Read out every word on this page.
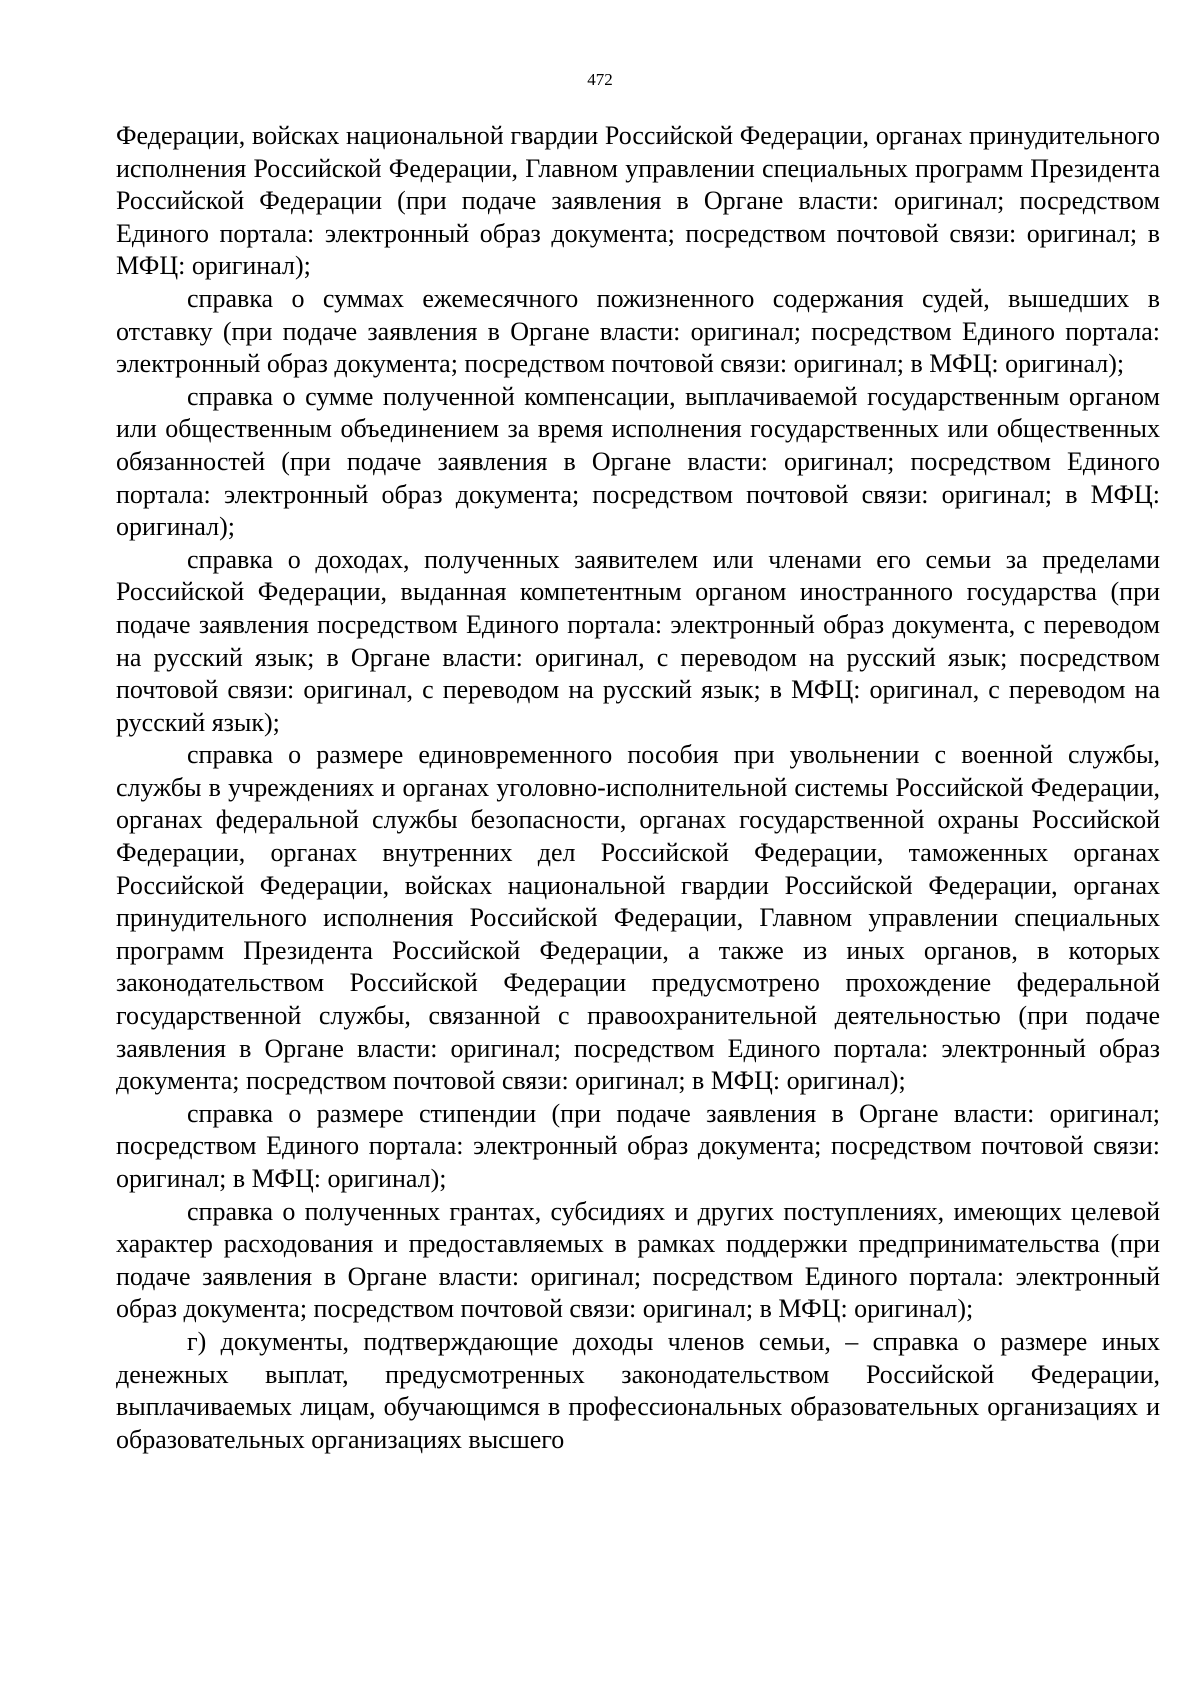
472

Федерации, войсках национальной гвардии Российской Федерации, органах принудительного исполнения Российской Федерации, Главном управлении специальных программ Президента Российской Федерации (при подаче заявления в Органе власти: оригинал; посредством Единого портала: электронный образ документа; посредством почтовой связи: оригинал; в МФЦ: оригинал);

справка о суммах ежемесячного пожизненного содержания судей, вышедших в отставку (при подаче заявления в Органе власти: оригинал; посредством Единого портала: электронный образ документа; посредством почтовой связи: оригинал; в МФЦ: оригинал);

справка о сумме полученной компенсации, выплачиваемой государственным органом или общественным объединением за время исполнения государственных или общественных обязанностей (при подаче заявления в Органе власти: оригинал; посредством Единого портала: электронный образ документа; посредством почтовой связи: оригинал; в МФЦ: оригинал);

справка о доходах, полученных заявителем или членами его семьи за пределами Российской Федерации, выданная компетентным органом иностранного государства (при подаче заявления посредством Единого портала: электронный образ документа, с переводом на русский язык; в Органе власти: оригинал, с переводом на русский язык; посредством почтовой связи: оригинал, с переводом на русский язык; в МФЦ: оригинал, с переводом на русский язык);

справка о размере единовременного пособия при увольнении с военной службы, службы в учреждениях и органах уголовно-исполнительной системы Российской Федерации, органах федеральной службы безопасности, органах государственной охраны Российской Федерации, органах внутренних дел Российской Федерации, таможенных органах Российской Федерации, войсках национальной гвардии Российской Федерации, органах принудительного исполнения Российской Федерации, Главном управлении специальных программ Президента Российской Федерации, а также из иных органов, в которых законодательством Российской Федерации предусмотрено прохождение федеральной государственной службы, связанной с правоохранительной деятельностью (при подаче заявления в Органе власти: оригинал; посредством Единого портала: электронный образ документа; посредством почтовой связи: оригинал; в МФЦ: оригинал);

справка о размере стипендии (при подаче заявления в Органе власти: оригинал; посредством Единого портала: электронный образ документа; посредством почтовой связи: оригинал; в МФЦ: оригинал);

справка о полученных грантах, субсидиях и других поступлениях, имеющих целевой характер расходования и предоставляемых в рамках поддержки предпринимательства (при подаче заявления в Органе власти: оригинал; посредством Единого портала: электронный образ документа; посредством почтовой связи: оригинал; в МФЦ: оригинал);

г) документы, подтверждающие доходы членов семьи, – справка о размере иных денежных выплат, предусмотренных законодательством Российской Федерации, выплачиваемых лицам, обучающимся в профессиональных образовательных организациях и образовательных организациях высшего
